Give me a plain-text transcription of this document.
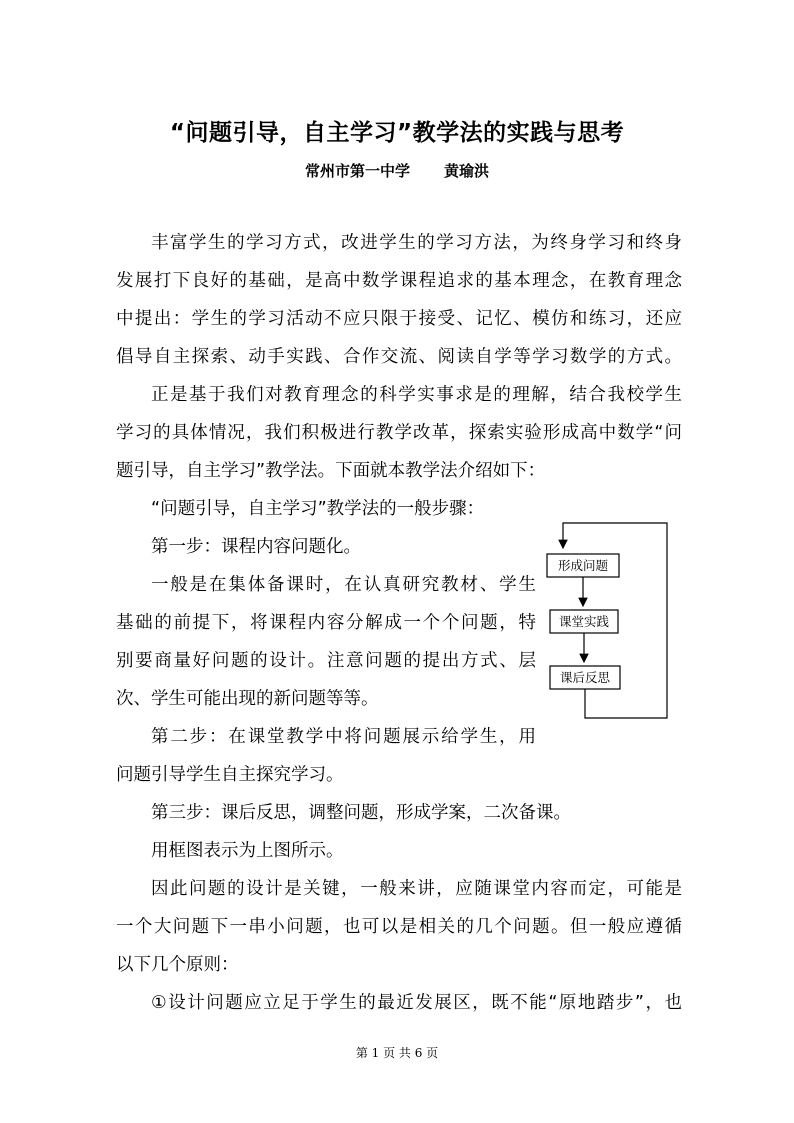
“问题引导，自主学习”教学法的实践与思考
常州市第一中学 黄瑜洪
丰富学生的学习方式，改进学生的学习方法，为终身学习和终身
发展打下良好的基础，是高中数学课程追求的基本理念，在教育理念
中提出：学生的学习活动不应只限于接受、记忆、模仿和练习，还应
倡导自主探索、动手实践、合作交流、阅读自学等学习数学的方式。
正是基于我们对教育理念的科学实事求是的理解，结合我校学生
学习的具体情况，我们积极进行教学改革，探索实验形成高中数学“问
题引导，自主学习”教学法。下面就本教学法介绍如下：
“问题引导，自主学习”教学法的一般步骤：
第一步：课程内容问题化。
一般是在集体备课时，在认真研究教材、学生
基础的前提下，将课程内容分解成一个个问题，特
别要商量好问题的设计。注意问题的提出方式、层
次、学生可能出现的新问题等等。
第二步：在课堂教学中将问题展示给学生，用
问题引导学生自主探究学习。
第三步：课后反思，调整问题，形成学案，二次备课。
用框图表示为上图所示。
因此问题的设计是关键，一般来讲，应随课堂内容而定，可能是
一个大问题下一串小问题，也可以是相关的几个问题。但一般应遵循
以下几个原则：
①设计问题应立足于学生的最近发展区，既不能“原地踏步”，也
形成问题
课堂实践
课后反思
第 1 页 共 6 页
